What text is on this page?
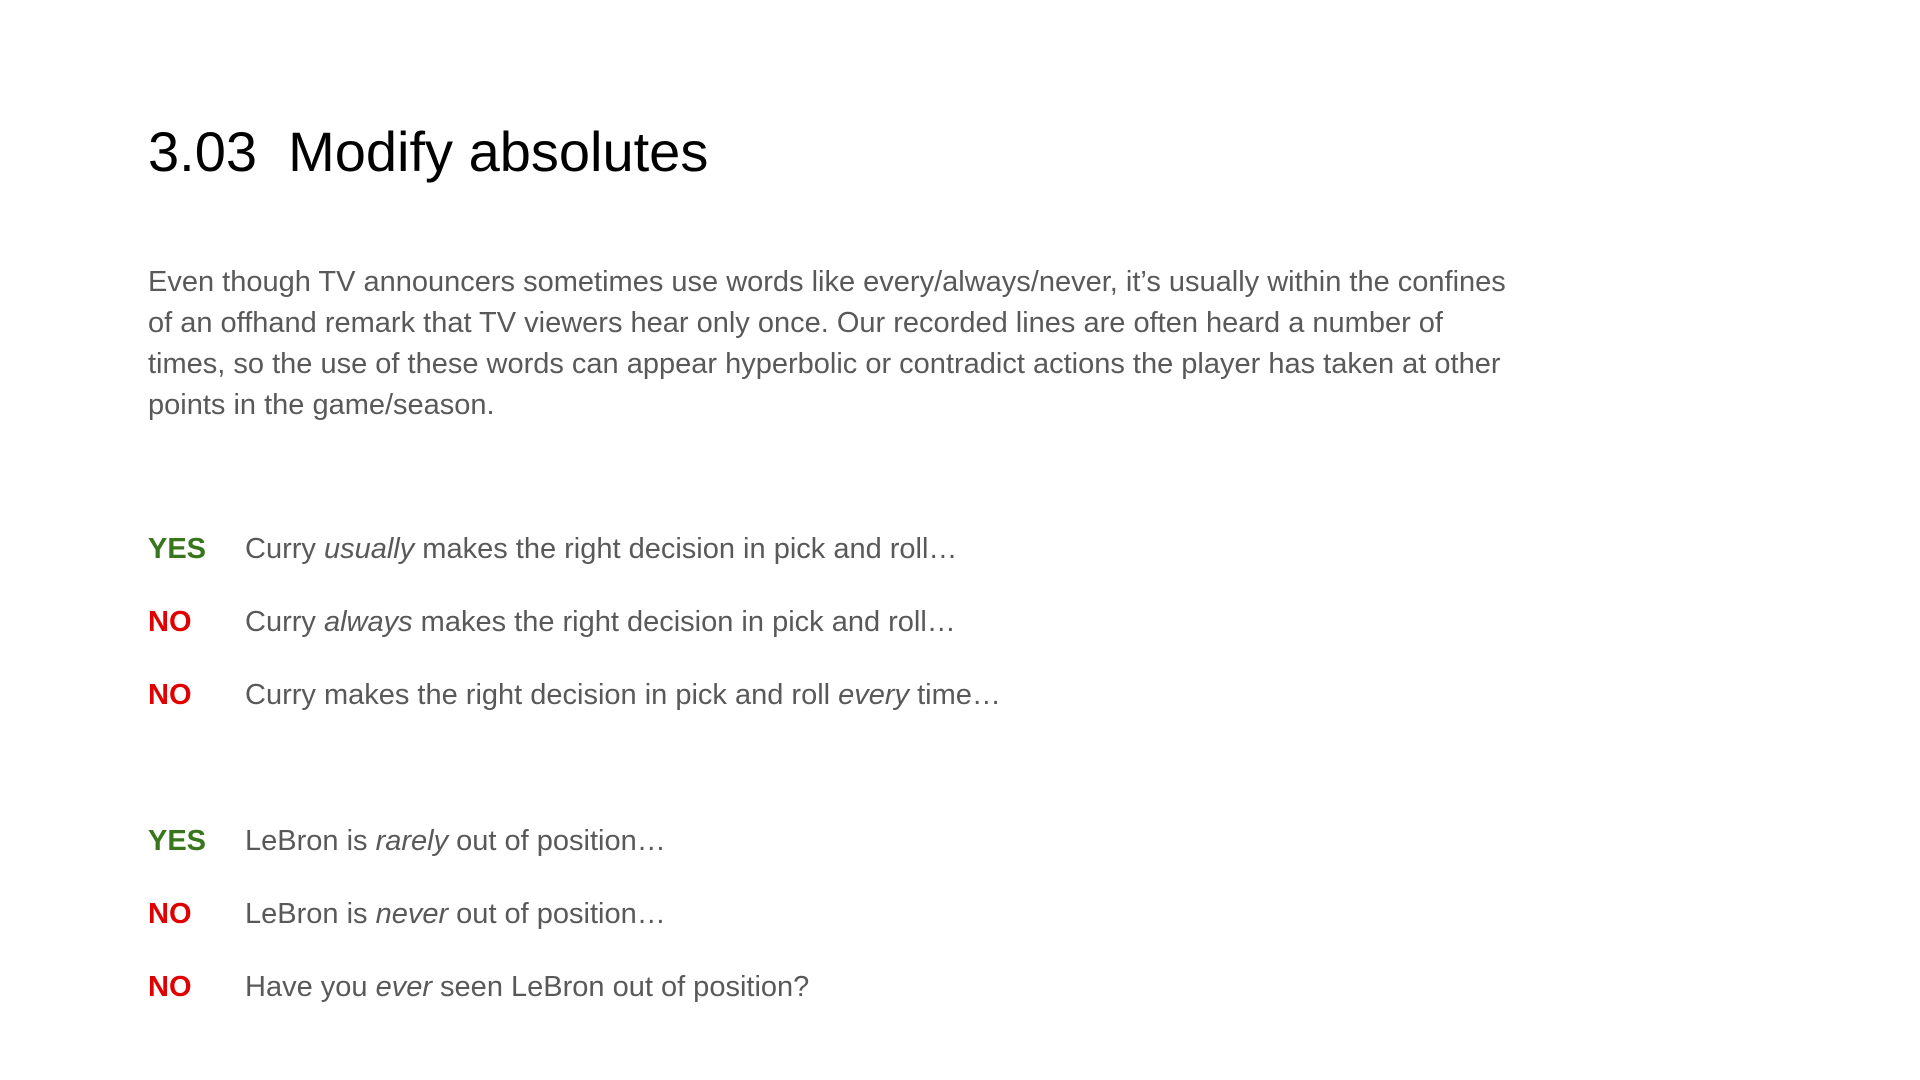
3.03  Modify absolutes

Even though TV announcers sometimes use words like every/always/never, it’s usually within the confines
of an offhand remark that TV viewers hear only once. Our recorded lines are often heard a number of
times, so the use of these words can appear hyperbolic or contradict actions the player has taken at other
points in the game/season.

YES Curry usually makes the right decision in pick and roll…
NO Curry always makes the right decision in pick and roll…
NO Curry makes the right decision in pick and roll every time…
YES LeBron is rarely out of position…
NO LeBron is never out of position…
NO Have you ever seen LeBron out of position?
